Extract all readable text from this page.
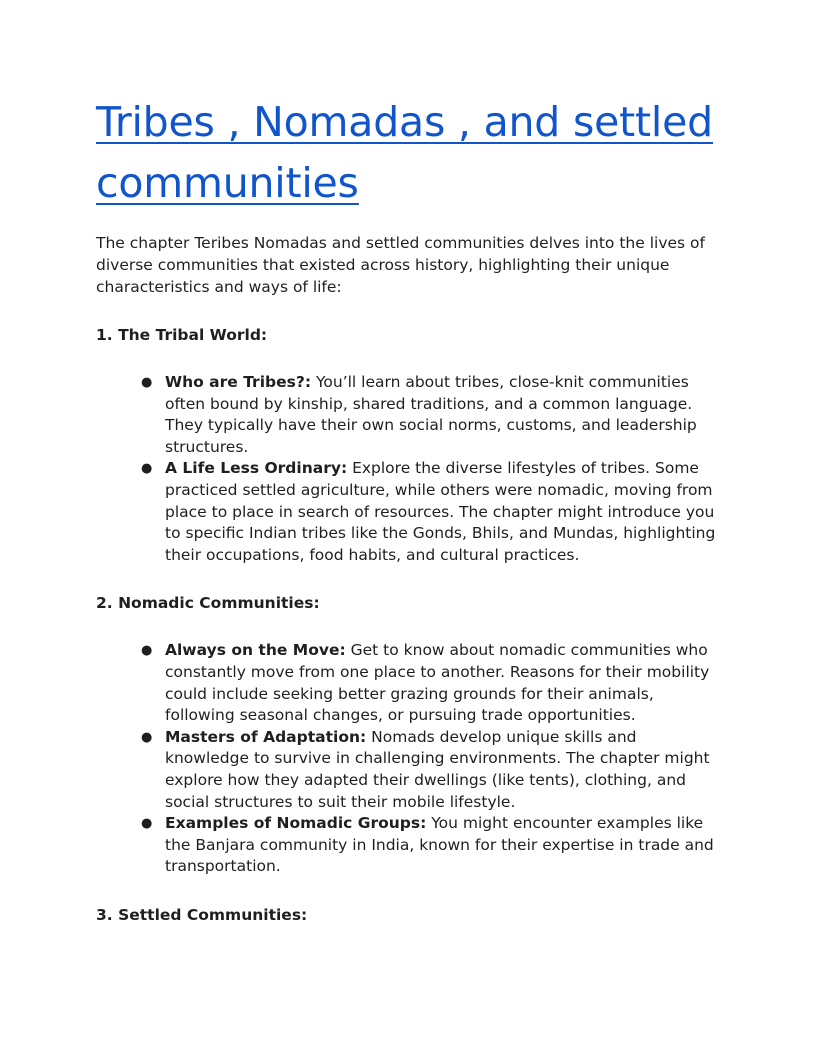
Tribes , Nomadas , and settled communities

The chapter Teribes Nomadas and settled communities delves into the lives of diverse communities that existed across history, highlighting their unique characteristics and ways of life:

1. The Tribal World:

● Who are Tribes?: You’ll learn about tribes, close-knit communities often bound by kinship, shared traditions, and a common language. They typically have their own social norms, customs, and leadership structures.
● A Life Less Ordinary: Explore the diverse lifestyles of tribes. Some practiced settled agriculture, while others were nomadic, moving from place to place in search of resources. The chapter might introduce you to specific Indian tribes like the Gonds, Bhils, and Mundas, highlighting their occupations, food habits, and cultural practices.

2. Nomadic Communities:

● Always on the Move: Get to know about nomadic communities who constantly move from one place to another. Reasons for their mobility could include seeking better grazing grounds for their animals, following seasonal changes, or pursuing trade opportunities.
● Masters of Adaptation: Nomads develop unique skills and knowledge to survive in challenging environments. The chapter might explore how they adapted their dwellings (like tents), clothing, and social structures to suit their mobile lifestyle.
● Examples of Nomadic Groups: You might encounter examples like the Banjara community in India, known for their expertise in trade and transportation.

3. Settled Communities:
